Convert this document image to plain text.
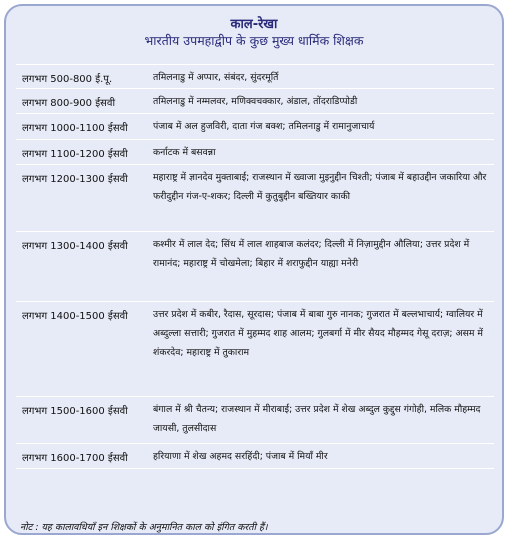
काल-रेखा
भारतीय उपमहाद्वीप के कुछ मुख्य धार्मिक शिक्षक
लगभग 500-800 ई.पू.	तमिलनाडु में अप्पार, संबंदर, सुंदरमूर्ति
लगभग 800-900 ईसवी	तमिलनाडु में नम्मलवर, मणिक्वचक्कार, अंडाल, तोंदराडिप्पोडी
लगभग 1000-1100 ईसवी	पंजाब में अल हुजविरी, दाता गंज बक्श; तमिलनाडु में रामानुजाचार्य
लगभग 1100-1200 ईसवी	कर्नाटक में बसवन्ना
लगभग 1200-1300 ईसवी	महाराष्ट्र में ज्ञानदेव मुक्ताबाई; राजस्थान में ख्वाजा मुइनुद्दीन चिश्ती; पंजाब में बहाउद्दीन जकारिया और फरीदुद्दीन गंज-ए-शकर; दिल्ली में कुतुबुद्दीन बख्तियार काकी
लगभग 1300-1400 ईसवी	कश्मीर में लाल देद; सिंध में लाल शाहबाज कलंदर; दिल्ली में निज़ामुद्दीन औलिया; उत्तर प्रदेश में रामानंद; महाराष्ट्र में चोखमेला; बिहार में शराफुद्दीन याह्या मनेरी
लगभग 1400-1500 ईसवी	उत्तर प्रदेश में कबीर, रैदास, सूरदास; पंजाब में बाबा गुरु नानक; गुजरात में बल्लभाचार्य; ग्वालियर में अब्दुल्ला सत्तारी; गुजरात में मुहम्मद शाह आलम; गुलबर्गा में मीर सैयद मौहम्मद गेसू दराज़; असम में शंकरदेव; महाराष्ट्र में तुकाराम
लगभग 1500-1600 ईसवी	बंगाल में श्री चैतन्य; राजस्थान में मीराबाई; उत्तर प्रदेश में शेख अब्दुल कुद्दुस गंगोही, मलिक मौहम्मद जायसी, तुलसीदास
लगभग 1600-1700 ईसवी	हरियाणा में शेख अहमद सरहिंदी; पंजाब में मियाँ मीर
नोट : यह कालावधियाँ इन शिक्षकों के अनुमानित काल को इंगित करती हैं।
